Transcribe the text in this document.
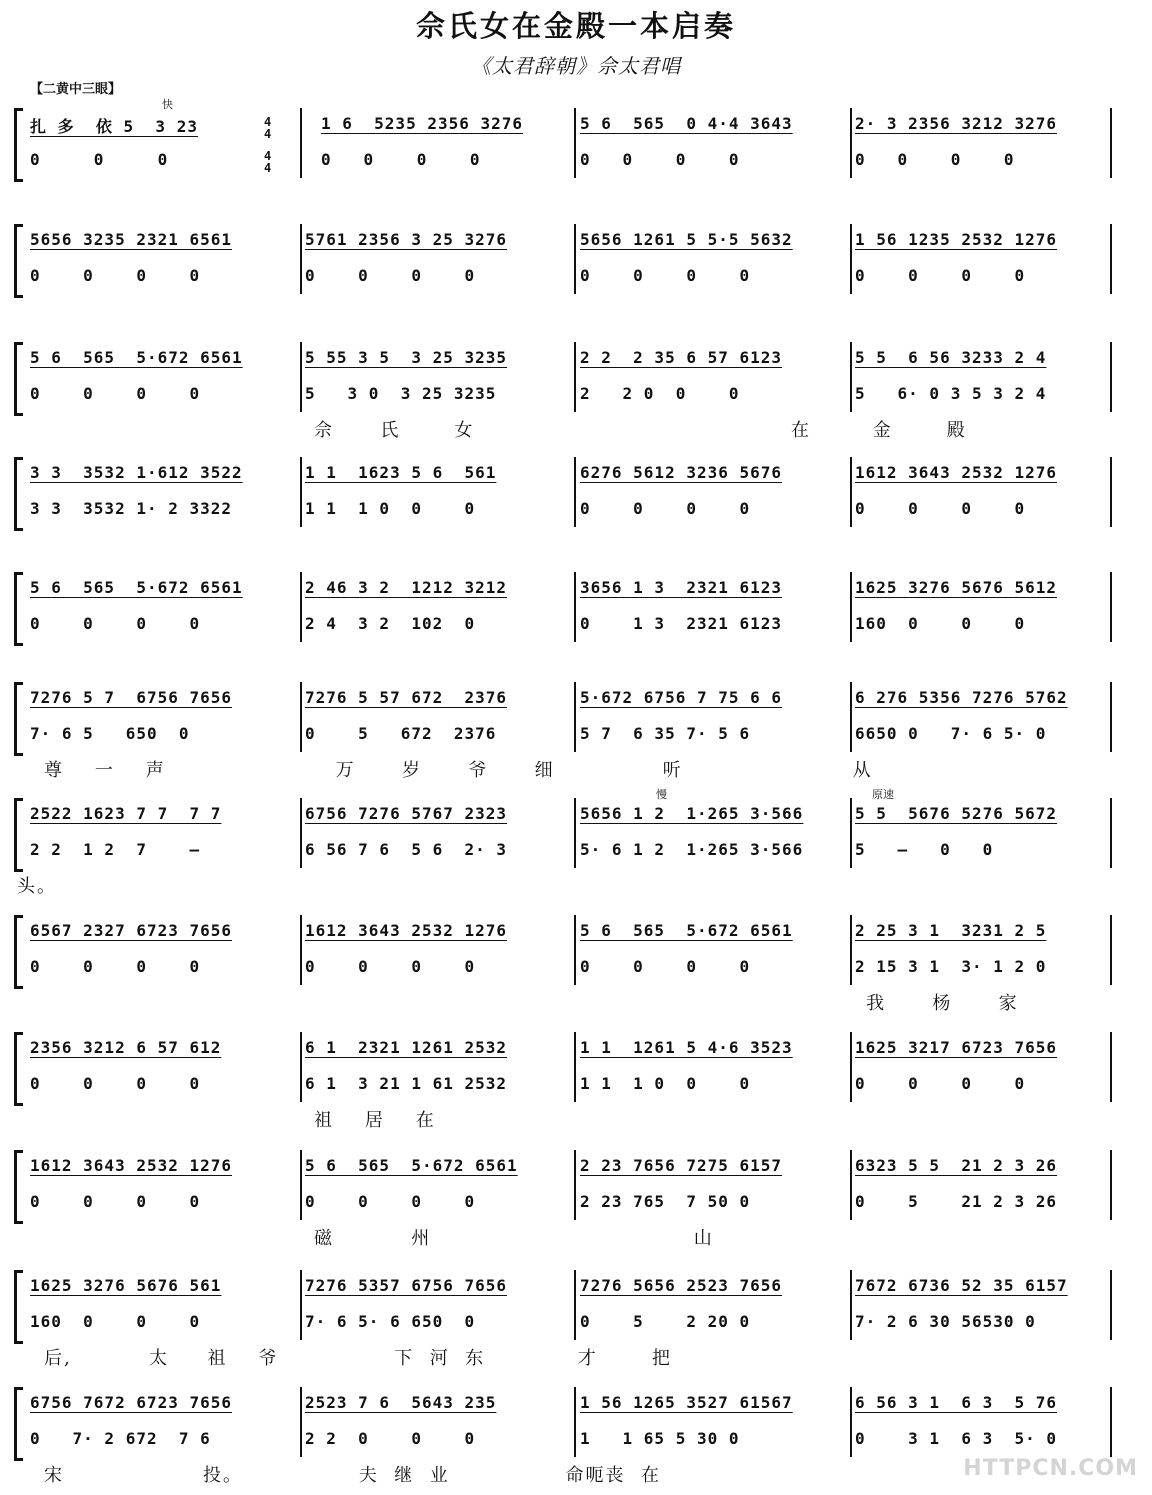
佘氏女在金殿一本启奏
《太君辞朝》佘太君唱
【二黄中三眼】
扎 多  依 5  3 23
0     0     0
1 6  5235 2356 3276
0   0    0    0
5 6  565  0 4·4 3643
0   0    0    0
2· 3 2356 3212 3276
0   0    0    0
快
4
4
4
4
5656 3235 2321 6561
0    0    0    0
5761 2356 3 25 3276
0    0    0    0
5656 1261 5 5·5 5632
0    0    0    0
1 56 1235 2532 1276
0    0    0    0
5 6  565  5·672 6561
0    0    0    0
5 55 3 5  3 25 3235
5   3 0  3 25 3235
2 2  2 35 6 57 6123
2   2 0  0    0
5 5  6 56 3233 2 4
5   6· 0 3 5 3 2 4
佘      氏       女                                         在        金       殿
3 3  3532 1·612 3522
3 3  3532 1· 2 3322
1 1  1623 5 6  561
1 1  1 0  0    0
6276 5612 3236 5676
0    0    0    0
1612 3643 2532 1276
0    0    0    0
5 6  565  5·672 6561
0    0    0    0
2 46 3 2  1212 3212
2 4  3 2  102  0
3656 1 3  2321 6123
0    1 3  2321 6123
1625 3276 5676 5612
160  0    0    0
7276 5 7  6756 7656
7· 6 5   650  0
7276 5 57 672  2376
0    5   672  2376
5·672 6756 7 75 6 6
5 7  6 35 7· 5 6
6 276 5356 7276 5762
6650 0   7· 6 5· 0
尊    一    声                      万      岁      爷      细              听                      从
2522 1623 7 7  7 7
2 2  1 2  7    —
6756 7276 5767 2323
6 56 7 6  5 6  2· 3
5656 1 2  1·265 3·566
5· 6 1 2  1·265 3·566
5 5  5676 5276 5672
5   —   0   0
头。
慢	原速
6567 2327 6723 7656
0    0    0    0
1612 3643 2532 1276
0    0    0    0
5 6  565  5·672 6561
0    0    0    0
2 25 3 1  3231 2 5
2 15 3 1  3· 1 2 0
我      杨      家
2356 3212 6 57 612
0    0    0    0
6 1  2321 1261 2532
6 1  3 21 1 61 2532
1 1  1261 5 4·6 3523
1 1  1 0  0    0
1625 3217 6723 7656
0    0    0    0
祖    居    在
1612 3643 2532 1276
0    0    0    0
5 6  565  5·672 6561
0    0    0    0
2 23 7656 7275 6157
2 23 765  7 50 0
6323 5 5  21 2 3 26
0    5    21 2 3 26
磁          州                                  山
1625 3276 5676 561
160  0    0    0
7276 5357 6756 7656
7· 6 5· 6 650  0
7276 5656 2523 7656
0    5    2 20 0
7672 6736 52 35 6157
7· 2 6 30 56530 0
后,          太     祖    爷               下  河  东            才       把
6756 7672 6723 7656
0   7· 2 672  7 6
2523 7 6  5643 235
2 2  0    0    0
1 56 1265 3527 61567
1   1 65 5 30 0
6 56 3 1  6 3  5 76
0    3 1  6 3  5· 0
宋                  投。               夫  继  业               命呃丧  在	HTTPCN.COM
